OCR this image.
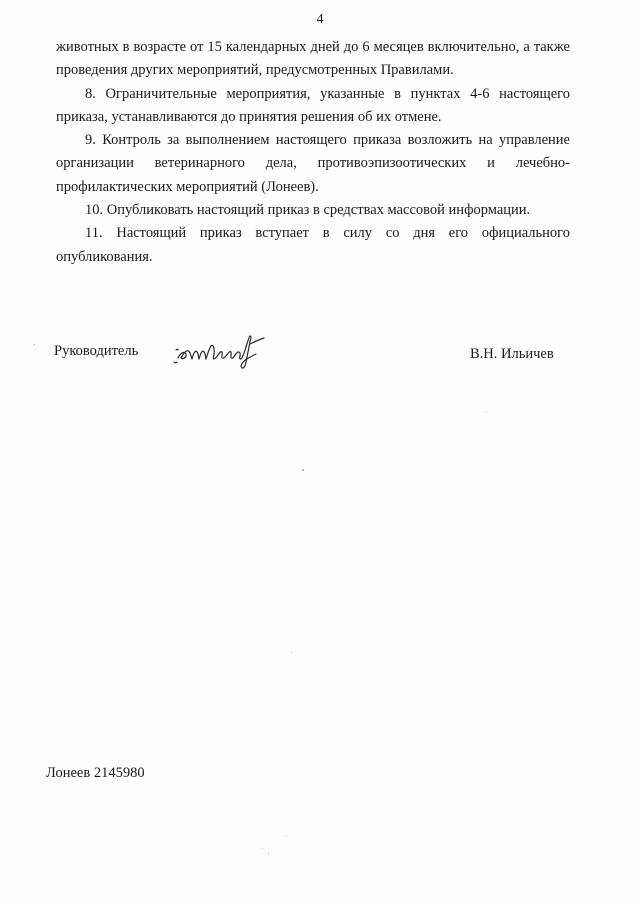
4

животных в возрасте от 15 календарных дней до 6 месяцев включительно, а также проведения других мероприятий, предусмотренных Правилами.

8. Ограничительные мероприятия, указанные в пунктах 4-6 настоящего приказа, устанавливаются до принятия решения об их отмене.

9. Контроль за выполнением настоящего приказа возложить на управление организации ветеринарного дела, противоэпизоотических и лечебно-профилактических мероприятий (Лонеев).

10. Опубликовать настоящий приказ в средствах массовой информации.

11. Настоящий приказ вступает в силу со дня его официального опубликования.

Руководитель	В.Н. Ильичев
Лонеев 2145980
